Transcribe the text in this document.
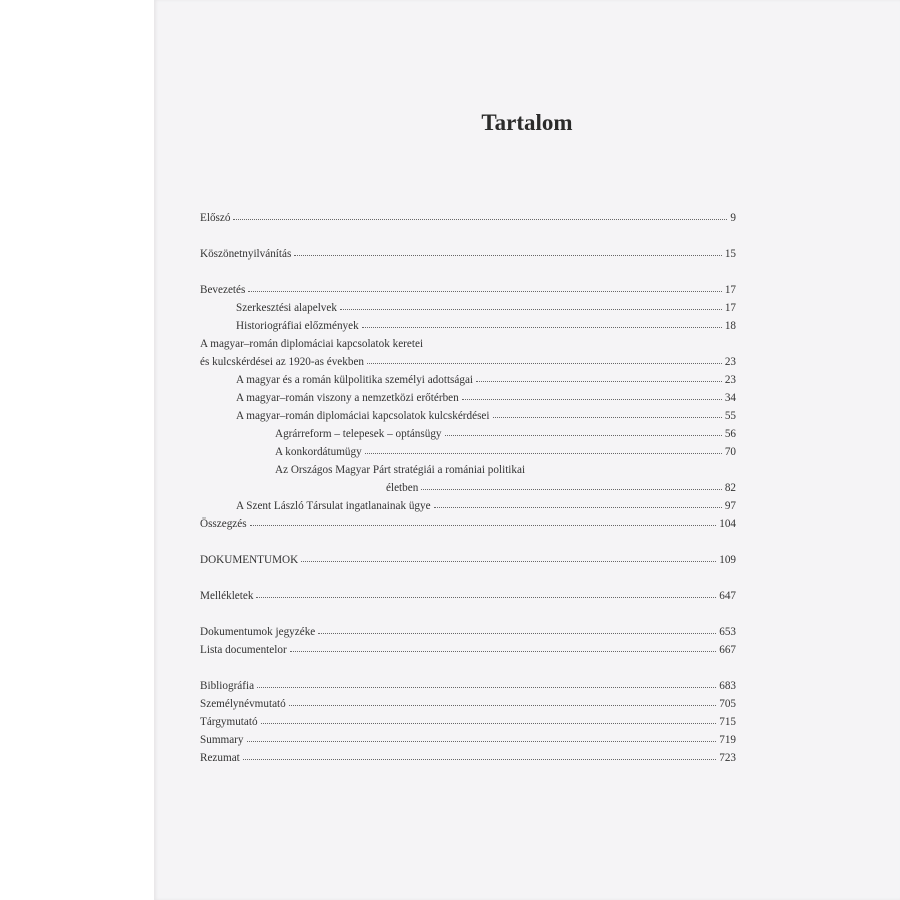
Tartalom
Előszó	9
Köszönetnyilvánítás	15
Bevezetés	17
Szerkesztési alapelvek	17
Historiográfiai előzmények	18
A magyar–román diplomáciai kapcsolatok keretei
és kulcskérdései az 1920-as években	23
A magyar és a román külpolitika személyi adottságai	23
A magyar–román viszony a nemzetközi erőtérben	34
A magyar–román diplomáciai kapcsolatok kulcskérdései	55
Agrárreform – telepesek – optánsügy	56
A konkordátumügy	70
Az Országos Magyar Párt stratégiái a romániai politikai
életben	82
A Szent László Társulat ingatlanainak ügye	97
Összegzés	104
DOKUMENTUMOK	109
Mellékletek	647
Dokumentumok jegyzéke	653
Lista documentelor	667
Bibliográfia	683
Személynévmutató	705
Tárgymutató	715
Summary	719
Rezumat	723
